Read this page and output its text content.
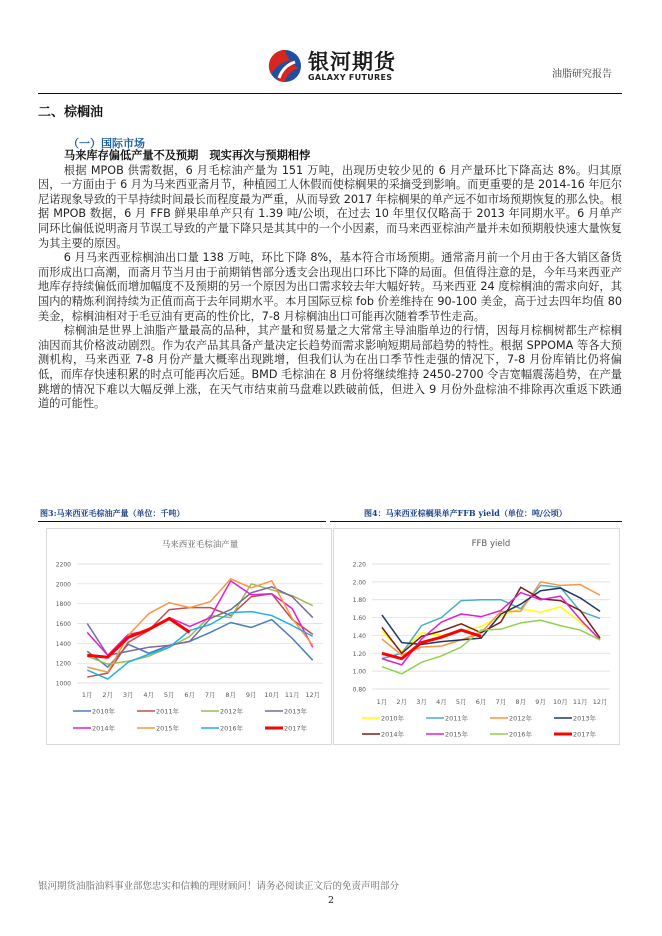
银河期货
GALAXY FUTURES	油脂研究报告
二、棕榈油
（一）国际市场
马来库存偏低产量不及预期　现实再次与预期相悖

根据 MPOB 供需数据，6 月毛棕油产量为 151 万吨，出现历史较少见的 6 月产量环比下降高达 8%。归其原因，一方面由于 6 月为马来西亚斋月节，种植园工人休假而使棕榈果的采摘受到影响。而更重要的是 2014-16 年厄尔尼诺现象导致的干旱持续时间最长而程度最为严重，从而导致 2017 年棕榈果的单产远不如市场预期恢复的那么快。根据 MPOB 数据，6 月 FFB 鲜果串单产只有 1.39 吨/公顷，在过去 10 年里仅仅略高于 2013 年同期水平。6 月单产同环比偏低说明斋月节误工导致的产量下降只是其其中的一个小因素，而马来西亚棕油产量并未如预期般快速大量恢复为其主要的原因。

6 月马来西亚棕榈油出口量 138 万吨，环比下降 8%，基本符合市场预期。通常斋月前一个月由于各大销区备货而形成出口高潮，而斋月节当月由于前期销售部分透支会出现出口环比下降的局面。但值得注意的是，今年马来西亚产地库存持续偏低而增加幅度不及预期的另一个原因为出口需求较去年大幅好转。马来西亚 24 度棕榈油的需求向好，其国内的精炼利润持续为正值而高于去年同期水平。本月国际豆棕 fob 价差维持在 90-100 美金，高于过去四年均值 80 美金，棕榈油相对于毛豆油有更高的性价比，7-8 月棕榈油出口可能再次随着季节性走高。

棕榈油是世界上油脂产量最高的品种，其产量和贸易量之大常常主导油脂单边的行情，因每月棕榈树都生产棕榈油因而其价格波动剧烈。作为农产品其具备产量决定长趋势而需求影响短期局部趋势的特性。根据 SPPOMA 等各大预测机构，马来西亚 7-8 月份产量大概率出现跳增，但我们认为在出口季节性走强的情况下，7-8 月份库销比仍将偏低，而库存快速积累的时点可能再次后延。BMD 毛棕油在 8 月份将继续维持 2450-2700 令吉宽幅震荡趋势，在产量跳增的情况下难以大幅反弹上涨，在天气市结束前马盘难以跌破前低，但进入 9 月份外盘棕油不排除再次重返下跌通道的可能性。

图3:马来西亚毛棕油产量（单位：千吨）	图4：马来西亚棕榈果单产FFB yield（单位：吨/公顷）
马来西亚毛棕油产量
1000
1200
1400
1600
1800
2000
2200
1月 2月 3月 4月 5月 6月 7月 8月 9月 10月 11月 12月
2010年	2011年	2012年	2013年
2014年	2015年	2016年	2017年
FFB yield
0.80
1.00
1.20
1.40
1.60
1.80
2.00
2.20
1月 2月 3月 4月 5月 6月 7月 8月 9月 10月 11月 12月
2010年	2011年	2012年	2013年
2014年	2015年	2016年	2017年
银河期货油脂油料事业部您忠实和信赖的理财顾问！请务必阅读正文后的免责声明部分
2
